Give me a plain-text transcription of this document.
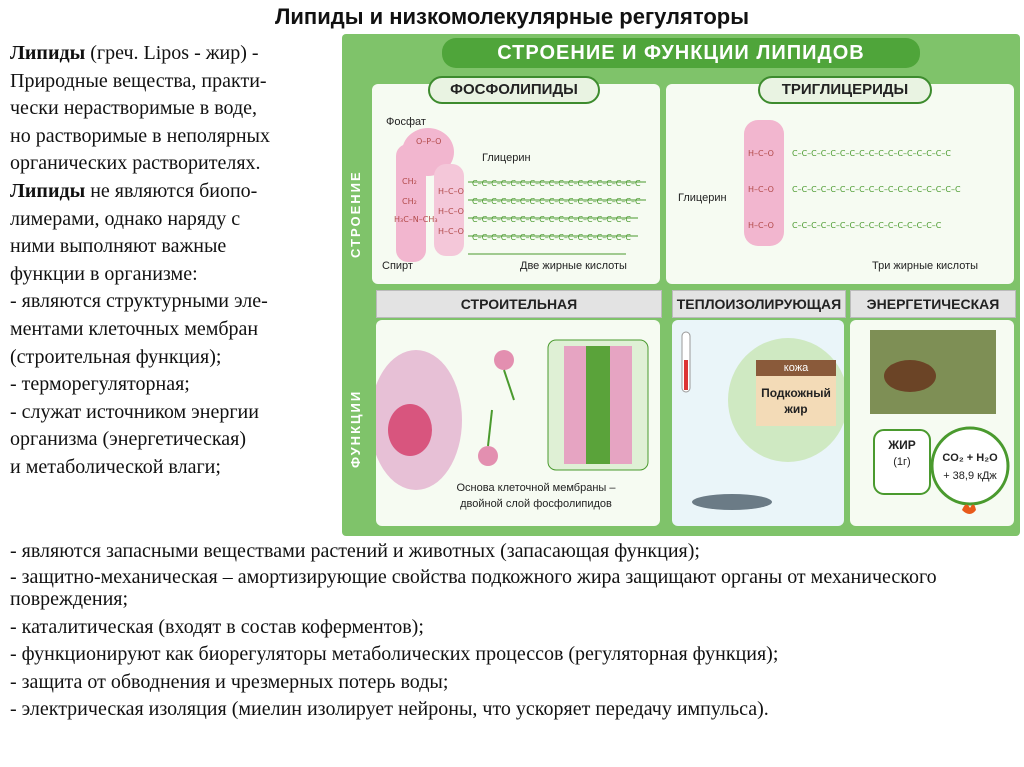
Липиды и низкомолекулярные регуляторы
Липиды (греч. Lipos - жир) -
Природные вещества, практи-
чески нерастворимые в воде,
но растворимые в неполярных
органических растворителях.
Липиды не являются биопо-
лимерами, однако наряду с
ними выполняют важные
функции в организме:
- являются структурными эле-
ментами клеточных мембран
(строительная функция);
- терморегуляторная;
- служат источником энергии
организма (энергетическая)
и метаболической влаги;
СТРОЕНИЕ И ФУНКЦИИ ЛИПИДОВ
СТРОЕНИЕ
ФУНКЦИИ
ФОСФОЛИПИДЫ	ТРИГЛИЦЕРИДЫ
C–C–C–C–C–C–C–C–C–C–C–C–C–C–C–C–C–C
C–C–C–C–C–C–C–C–C–C–C–C–C–C–C–C–C–C
C–C–C–C–C–C–C–C–C–C–C–C–C–C–C–C–C
C–C–C–C–C–C–C–C–C–C–C–C–C–C–C–C–C
O–P–O
CH₂
CH₂
H₃C–N–CH₃
H–C–O
H–C–O
H–C–O
Фосфат
Глицерин
Спирт	Две жирные кислоты
H–C–O
H–C–O
H–C–O
C–C–C–C–C–C–C–C–C–C–C–C–C–C–C–C–C
C–C–C–C–C–C–C–C–C–C–C–C–C–C–C–C–C–C
C–C–C–C–C–C–C–C–C–C–C–C–C–C–C–C
Глицерин
Три жирные кислоты
СТРОИТЕЛЬНАЯ	ТЕПЛОИЗОЛИРУЮЩАЯ	ЭНЕРГЕТИЧЕСКАЯ
Основа клеточной мембраны –
двойной слой фосфолипидов
кожа
Подкожный
жир
ЖИР
(1г)	CO₂ + H₂O
+ 38,9 кДж
- являются запасными веществами растений и животных (запасающая функция);
- защитно-механическая – амортизирующие свойства подкожного жира защищают органы от механического повреждения;
- каталитическая (входят в состав коферментов);
- функционируют как биорегуляторы метаболических процессов (регуляторная функция);
- защита от обводнения и чрезмерных потерь воды;
- электрическая изоляция (миелин изолирует нейроны, что ускоряет передачу импульса).
